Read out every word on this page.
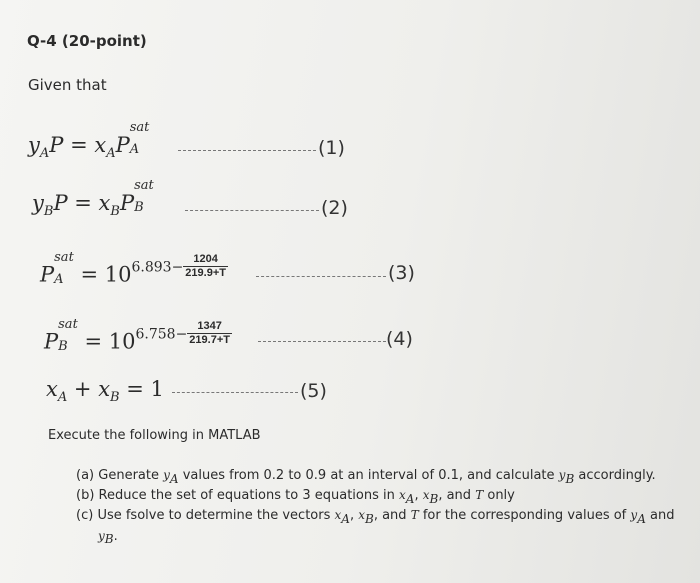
Q-4 (20-point)
Given that
$y_AP = x_AP$
sat
A	(1)
$y_BP = x_BP$
sat
B	(2)
P
sat
$A = 10^{6.893-} \frac{1204}{219.9+T}$	(3)
P
sat
$B = 10^{6.758-} \frac{1347}{219.7+T}$	(4)
$x_A + x_B = 1$	(5)
Execute the following in MATLAB
(a) Generate $y_A$ values from 0.2 to 0.9 at an interval of 0.1, and calculate $y_B$ accordingly.
(b) Reduce the set of equations to 3 equations in $x_A$, $x_B$, and T only
(c) Use fsolve to determine the vectors $x_A$, $x_B$, and T for the corresponding values of $y_A$ and
$y_B$.
